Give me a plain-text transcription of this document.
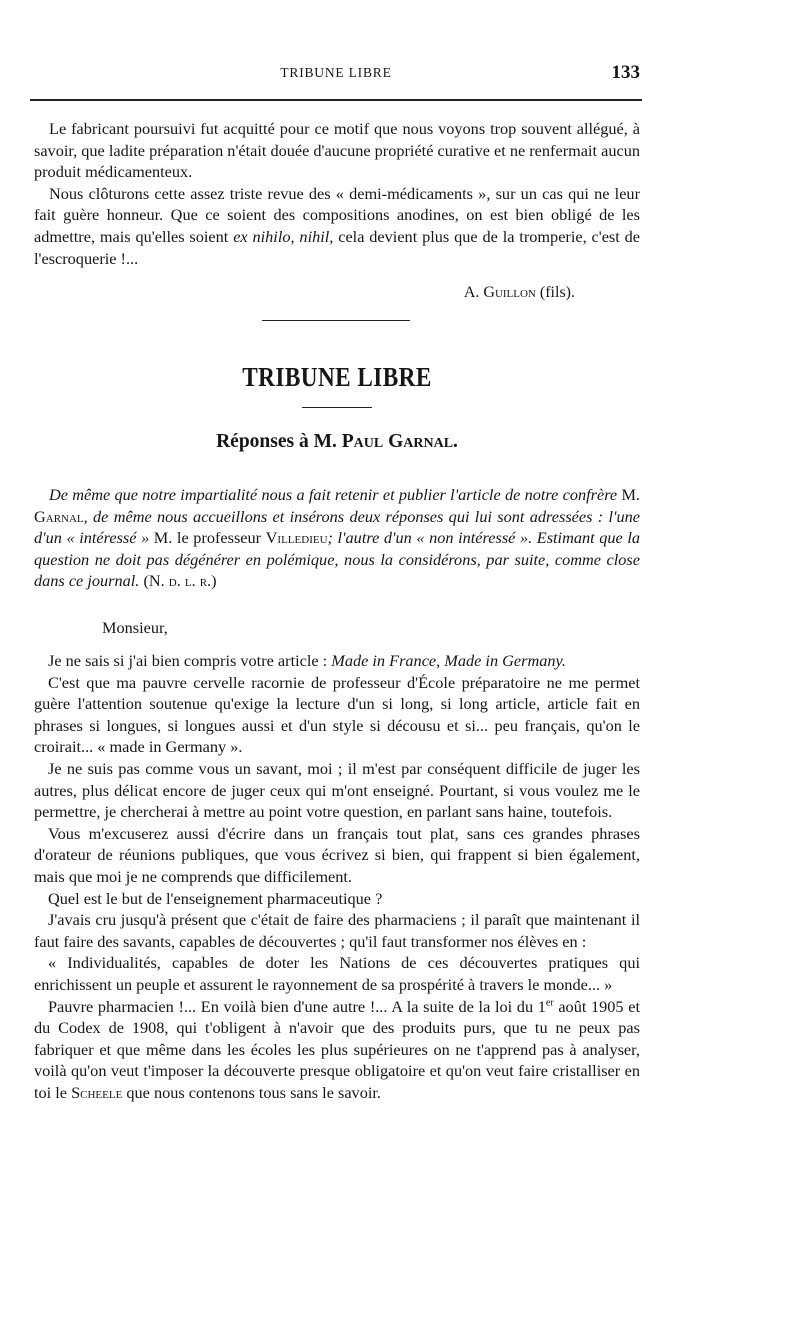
TRIBUNE LIBRE	133

Le fabricant poursuivi fut acquitté pour ce motif que nous voyons trop souvent allégué, à savoir, que ladite préparation n'était douée d'aucune propriété curative et ne renfermait aucun produit médicamenteux.

Nous clôturons cette assez triste revue des « demi-médicaments », sur un cas qui ne leur fait guère honneur. Que ce soient des compositions anodines, on est bien obligé de les admettre, mais qu'elles soient ex nihilo, nihil, cela devient plus que de la tromperie, c'est de l'escroquerie !...

A. Guillon (fils).
TRIBUNE LIBRE
Réponses à M. Paul Garnal.

De même que notre impartialité nous a fait retenir et publier l'article de notre confrère M. Garnal, de même nous accueillons et insérons deux réponses qui lui sont adressées : l'une d'un « intéressé » M. le professeur Villedieu; l'autre d'un « non intéressé ». Estimant que la question ne doit pas dégénérer en polémique, nous la considérons, par suite, comme close dans ce journal. (N. d. l. r.)

Monsieur,

Je ne sais si j'ai bien compris votre article : Made in France, Made in Germany.

C'est que ma pauvre cervelle racornie de professeur d'École préparatoire ne me permet guère l'attention soutenue qu'exige la lecture d'un si long, si long article, article fait en phrases si longues, si longues aussi et d'un style si décousu et si... peu français, qu'on le croirait... « made in Germany ».

Je ne suis pas comme vous un savant, moi ; il m'est par conséquent difficile de juger les autres, plus délicat encore de juger ceux qui m'ont enseigné. Pourtant, si vous voulez me le permettre, je chercherai à mettre au point votre question, en parlant sans haine, toutefois.

Vous m'excuserez aussi d'écrire dans un français tout plat, sans ces grandes phrases d'orateur de réunions publiques, que vous écrivez si bien, qui frappent si bien également, mais que moi je ne comprends que difficilement.

Quel est le but de l'enseignement pharmaceutique ?

J'avais cru jusqu'à présent que c'était de faire des pharmaciens ; il paraît que maintenant il faut faire des savants, capables de découvertes ; qu'il faut transformer nos élèves en :

« Individualités, capables de doter les Nations de ces découvertes pratiques qui enrichissent un peuple et assurent le rayonnement de sa prospérité à travers le monde... »

Pauvre pharmacien !... En voilà bien d'une autre !... A la suite de la loi du 1er août 1905 et du Codex de 1908, qui t'obligent à n'avoir que des produits purs, que tu ne peux pas fabriquer et que même dans les écoles les plus supérieures on ne t'apprend pas à analyser, voilà qu'on veut t'imposer la découverte presque obligatoire et qu'on veut faire cristalliser en toi le Scheele que nous contenons tous sans le savoir.
